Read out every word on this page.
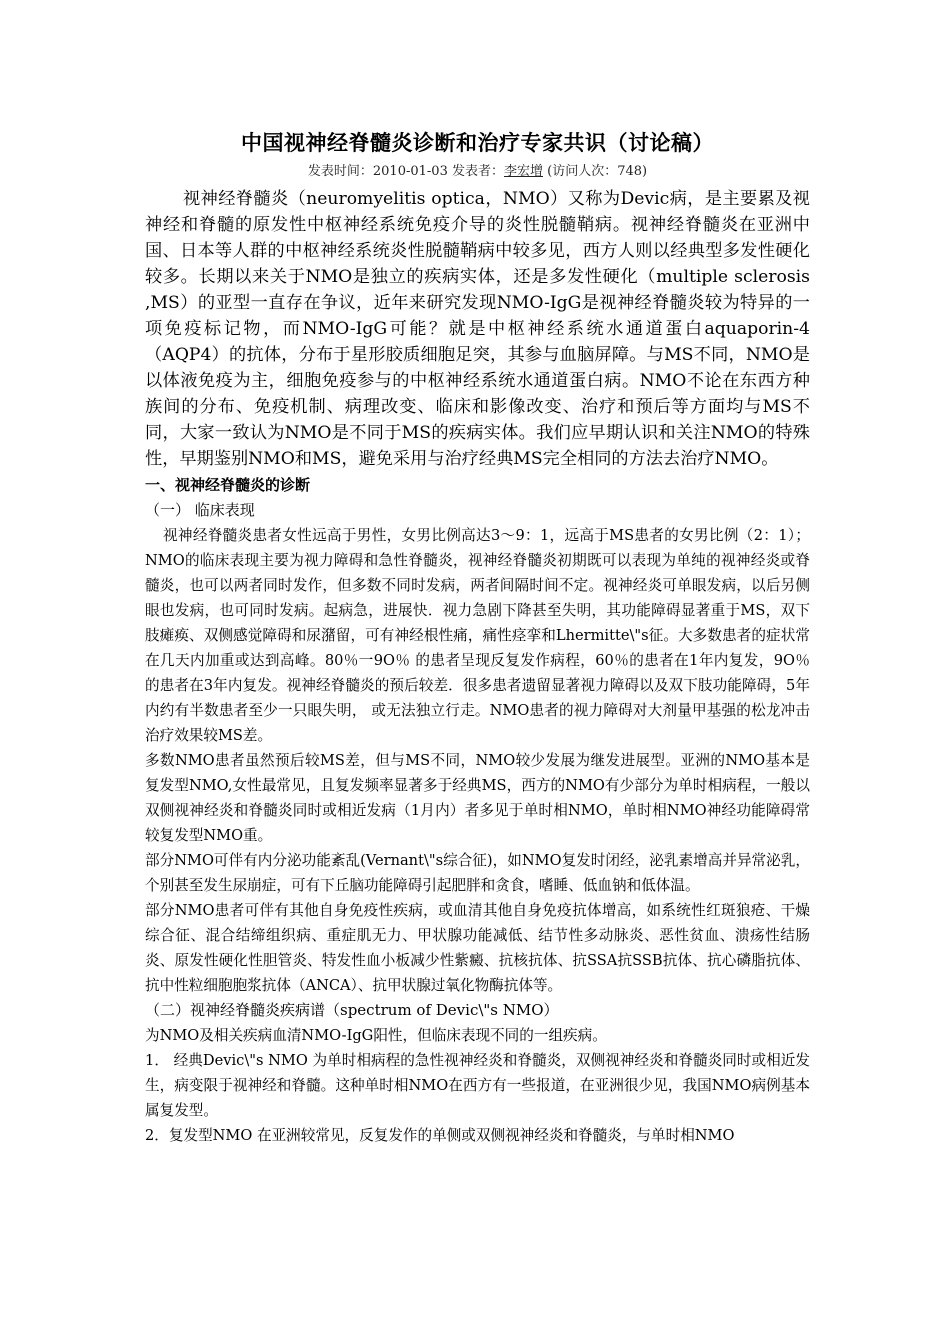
中国视神经脊髓炎诊断和治疗专家共识（讨论稿）
发表时间：2010-01-03 发表者：李宏增 (访问人次：748)

视神经脊髓炎（neuromyelitis optica，NMO）又称为Devic病，是主要累及视神经和脊髓的原发性中枢神经系统免疫介导的炎性脱髓鞘病。视神经脊髓炎在亚洲中国、日本等人群的中枢神经系统炎性脱髓鞘病中较多见，西方人则以经典型多发性硬化较多。长期以来关于NMO是独立的疾病实体，还是多发性硬化（multiple sclerosis ,MS）的亚型一直存在争议，近年来研究发现NMO-IgG是视神经脊髓炎较为特异的一项免疫标记物，而NMO-IgG可能？就是中枢神经系统水通道蛋白aquaporin-4（AQP4）的抗体，分布于星形胶质细胞足突，其参与血脑屏障。与MS不同，NMO是以体液免疫为主，细胞免疫参与的中枢神经系统水通道蛋白病。NMO不论在东西方种族间的分布、免疫机制、病理改变、临床和影像改变、治疗和预后等方面均与MS不同，大家一致认为NMO是不同于MS的疾病实体。我们应早期认识和关注NMO的特殊性，早期鉴别NMO和MS，避免采用与治疗经典MS完全相同的方法去治疗NMO。

一、视神经脊髓炎的诊断

（一） 临床表现

视神经脊髓炎患者女性远高于男性，女男比例高达3～9：1，远高于MS患者的女男比例（2：1）；NMO的临床表现主要为视力障碍和急性脊髓炎，视神经脊髓炎初期既可以表现为单纯的视神经炎或脊髓炎，也可以两者同时发作，但多数不同时发病，两者间隔时间不定。视神经炎可单眼发病，以后另侧眼也发病，也可同时发病。起病急，进展快．视力急剧下降甚至失明，其功能障碍显著重于MS，双下肢瘫痪、双侧感觉障碍和尿潴留，可有神经根性痛，痛性痉挛和Lhermitte\"s征。大多数患者的症状常在几天内加重或达到高峰。80％一9O％ 的患者呈现反复发作病程，60％的患者在1年内复发，9O％ 的患者在3年内复发。视神经脊髓炎的预后较差．很多患者遗留显著视力障碍以及双下肢功能障碍，5年内约有半数患者至少一只眼失明， 或无法独立行走。NMO患者的视力障碍对大剂量甲基强的松龙冲击治疗效果较MS差。

多数NMO患者虽然预后较MS差，但与MS不同，NMO较少发展为继发进展型。亚洲的NMO基本是复发型NMO,女性最常见，且复发频率显著多于经典MS，西方的NMO有少部分为单时相病程，一般以双侧视神经炎和脊髓炎同时或相近发病（1月内）者多见于单时相NMO，单时相NMO神经功能障碍常较复发型NMO重。

部分NMO可伴有内分泌功能紊乱(Vernant\"s综合征)，如NMO复发时闭经，泌乳素增高并异常泌乳，个别甚至发生尿崩症，可有下丘脑功能障碍引起肥胖和贪食，嗜睡、低血钠和低体温。

部分NMO患者可伴有其他自身免疫性疾病，或血清其他自身免疫抗体增高，如系统性红斑狼疮、干燥综合征、混合结缔组织病、重症肌无力、甲状腺功能减低、结节性多动脉炎、恶性贫血、溃疡性结肠炎、原发性硬化性胆管炎、特发性血小板减少性紫癜、抗核抗体、抗SSA抗SSB抗体、抗心磷脂抗体、抗中性粒细胞胞浆抗体（ANCA）、抗甲状腺过氧化物酶抗体等。

（二）视神经脊髓炎疾病谱（spectrum of Devic\"s NMO）

为NMO及相关疾病血清NMO-IgG阳性，但临床表现不同的一组疾病。

1． 经典Devic\"s NMO 为单时相病程的急性视神经炎和脊髓炎，双侧视神经炎和脊髓炎同时或相近发生，病变限于视神经和脊髓。这种单时相NMO在西方有一些报道，在亚洲很少见，我国NMO病例基本属复发型。

2．复发型NMO 在亚洲较常见，反复发作的单侧或双侧视神经炎和脊髓炎，与单时相NMO
